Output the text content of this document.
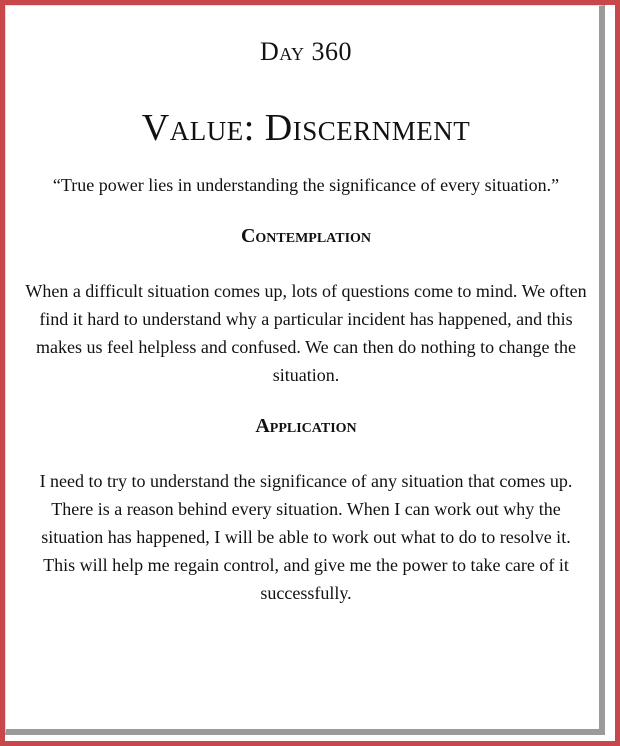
Day 360
Value: Discernment
“True power lies in understanding the significance of every situation.”
Contemplation
When a difficult situation comes up, lots of questions come to mind. We often find it hard to understand why a particular incident has happened, and this makes us feel helpless and confused. We can then do nothing to change the situation.
Application
I need to try to understand the significance of any situation that comes up. There is a reason behind every situation. When I can work out why the situation has happened, I will be able to work out what to do to resolve it. This will help me regain control, and give me the power to take care of it successfully.
